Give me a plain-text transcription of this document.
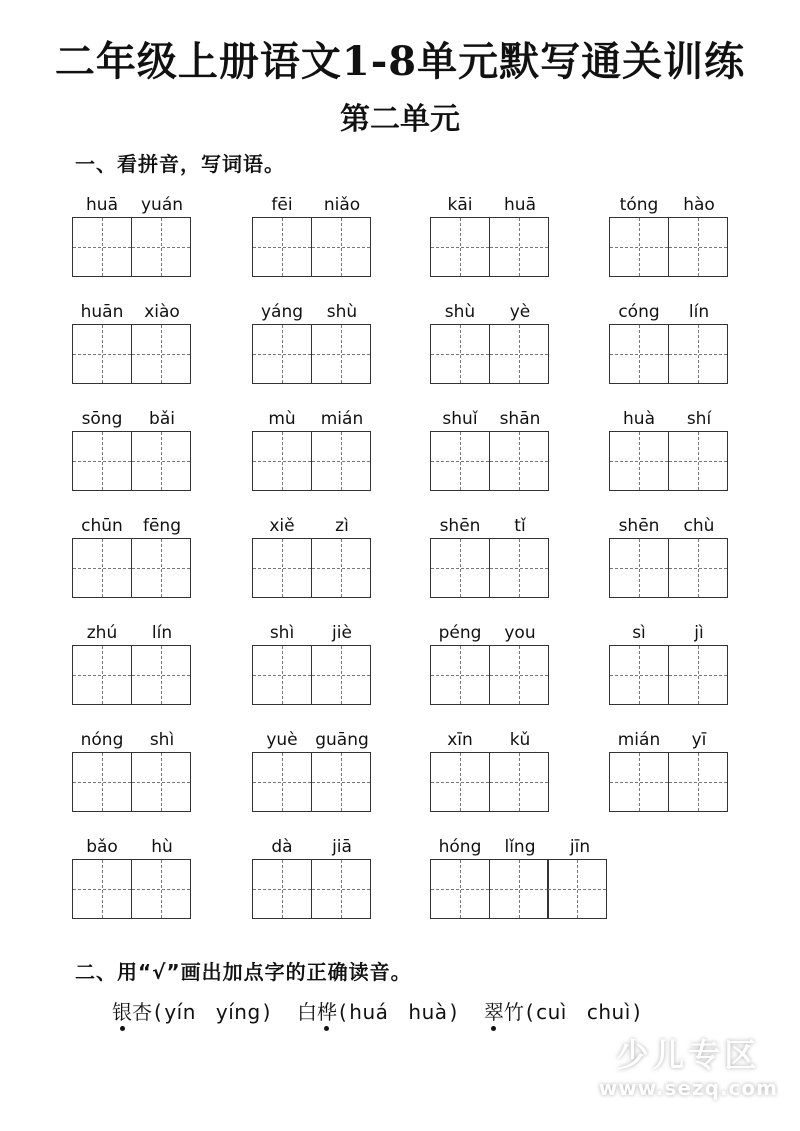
二年级上册语文1-8单元默写通关训练
第二单元
一、看拼音，写词语。
huā	yuán	fēi	niǎo	kāi	huā	tóng	hào
huān	xiào	yáng	shù	shù	yè	cóng	lín
sōng	bǎi	mù	mián	shuǐ	shān	huà	shí
chūn	fēng	xiě	zì	shēn	tǐ	shēn	chù
zhú	lín	shì	jiè	péng	you	sì	jì
nóng	shì	yuè	guāng	xīn	kǔ	mián	yī
bǎo	hù	dà	jiā	hóng	lǐng	jīn
二、用“√”画出加点字的正确读音。
银 杏 ( yín yíng ) 白 桦 ( huá huà ) 翠 竹 ( cuì chuì )
少儿专区
www.sezq.com
